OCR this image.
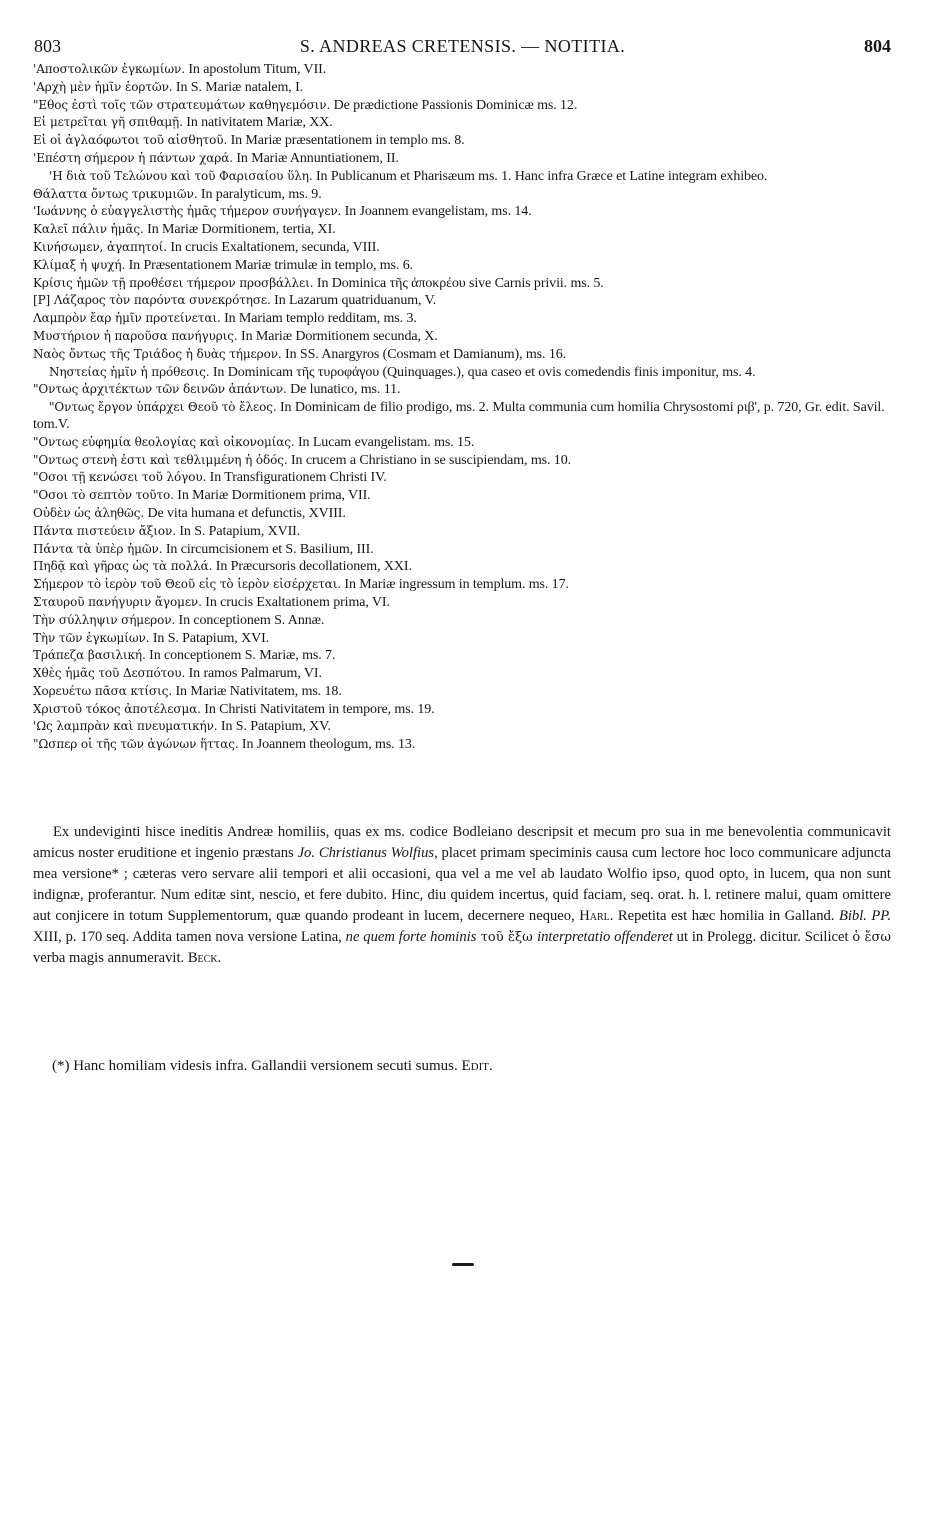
803	S. ANDREAS CRETENSIS. — NOTITIA.	804
'Αποστολικῶν ἐγκωμίων. In apostolum Titum, VII.
'Αρχὴ μὲν ἡμῖν ἑορτῶν. In S. Mariæ natalem, I.
"Εθος ἐστὶ τοῖς τῶν στρατευμάτων καθηγεμόσιν. De prædictione Passionis Dominicæ ms. 12.
Εἰ μετρεῖται γῆ σπιθαμῇ. In nativitatem Mariæ, XX.
Εἰ οἱ ἀγλαόφωτοι τοῦ αἰσθητοῦ. In Mariæ præsentationem in templo ms. 8.
'Επέστη σήμερον ἡ πάντων χαρά. In Mariæ Annuntiationem, II.
'Η διὰ τοῦ Τελώνου καὶ τοῦ Φαρισαίου ὕλη. In Publicanum et Pharisæum ms. 1. Hanc infra Græce et Latine integram exhibeo.
Θάλαττα ὄντως τρικυμιῶν. In paralyticum, ms. 9.
'Ιωάννης ὁ εὐαγγελιστὴς ἡμᾶς τήμερον συνήγαγεν. In Joannem evangelistam, ms. 14.
Καλεῖ πάλιν ἡμᾶς. In Mariæ Dormitionem, tertia, XI.
Κινήσωμεν, ἀγαπητοί. In crucis Exaltationem, secunda, VIII.
Κλίμαξ ἡ ψυχή. In Præsentationem Mariæ trimulæ in templo, ms. 6.
Κρίσις ἡμῶν τῇ προθέσει τήμερον προσβάλλει. In Dominica τῆς ἀποκρέου sive Carnis privii. ms. 5.
[P] Λάζαρος τὸν παρόντα συνεκρότησε. In Lazarum quatriduanum, V.
Λαμπρὸν ἔαρ ἡμῖν προτείνεται. In Mariam templo redditam, ms. 3.
Μυστήριον ἡ παροῦσα πανήγυρις. In Mariæ Dormitionem secunda, X.
Ναὸς ὄντως τῆς Τριάδος ἡ δυὰς τήμερον. In SS. Anargyros (Cosmam et Damianum), ms. 16.
Νηστείας ἡμῖν ἡ πρόθεσις. In Dominicam τῆς τυροφάγου (Quinquages.), qua caseo et ovis comedendis finis imponitur, ms. 4.
"Οντως ἀρχιτέκτων τῶν δεινῶν ἁπάντων. De lunatico, ms. 11.
"Οντως ἔργον ὑπάρχει Θεοῦ τὸ ἔλεος. In Dominicam de filio prodigo, ms. 2. Multa communia cum homilia Chrysostomi ριβ', p. 720, Gr. edit. Savil. tom.V.
"Οντως εὐφημία θεολογίας καὶ οἰκονομίας. In Lucam evangelistam. ms. 15.
"Οντως στενὴ ἐστι καὶ τεθλιμμένη ἡ ὁδός. In crucem a Christiano in se suscipiendam, ms. 10.
"Οσοι τῇ κενώσει τοῦ λόγου. In Transfigurationem Christi IV.
"Οσοι τὸ σεπτὸν τοῦτο. In Mariæ Dormitionem prima, VII.
Οὐδὲν ὡς ἀληθῶς. De vita humana et defunctis, XVIII.
Πάντα πιστεύειν ἄξιον. In S. Patapium, XVII.
Πάντα τὰ ὑπὲρ ἡμῶν. In circumcisionem et S. Basilium, III.
Πηδᾷ καὶ γῆρας ὡς τὰ πολλά. In Præcursoris decollationem, XXI.
Σήμερον τὸ ἱερὸν τοῦ Θεοῦ εἰς τὸ ἱερὸν εἰσέρχεται. In Mariæ ingressum in templum. ms. 17.
Σταυροῦ πανήγυριν ἄγομεν. In crucis Exaltationem prima, VI.
Τὴν σύλληψιν σήμερον. In conceptionem S. Annæ.
Τὴν τῶν ἐγκωμίων. In S. Patapium, XVI.
Τράπεζα βασιλική. In conceptionem S. Mariæ, ms. 7.
Χθὲς ἡμᾶς τοῦ Δεσπότου. In ramos Palmarum, VI.
Χορευέτω πᾶσα κτίσις. In Mariæ Nativitatem, ms. 18.
Χριστοῦ τόκος ἀποτέλεσμα. In Christi Nativitatem in tempore, ms. 19.
'Ως λαμπρὰν καὶ πνευματικήν. In S. Patapium, XV.
"Ωσπερ οἱ τῆς τῶν ἀγώνων ἥττας. In Joannem theologum, ms. 13.
Ex undeviginti hisce ineditis Andreæ homiliis, quas ex ms. codice Bodleiano descripsit et mecum pro sua in me benevolentia communicavit amicus noster eruditione et ingenio præstans Jo. Christianus Wolfius, placet primam speciminis causa cum lectore hoc loco communicare adjuncta mea versione* ; cæteras vero servare alii tempori et alii occasioni, qua vel a me vel ab laudato Wolfio ipso, quod opto, in lucem, qua non sunt indignæ, proferantur. Num editæ sint, nescio, et fere dubito. Hinc, diu quidem incertus, quid faciam, seq. orat. h. l. retinere malui, quam omittere aut conjicere in totum Supplementorum, quæ quando prodeant in lucem, decernere nequeo, Harl. Repetita est hæc homilia in Galland. Bibl. PP. XIII, p. 170 seq. Addita tamen nova versione Latina, ne quem forte hominis τοῦ ἔξω interpretatio offenderet ut in Prolegg. dicitur. Scilicet ὁ ἔσω verba magis annumeravit. Beck.
(*) Hanc homiliam videsis infra. Gallandii versionem secuti sumus. Edit.
